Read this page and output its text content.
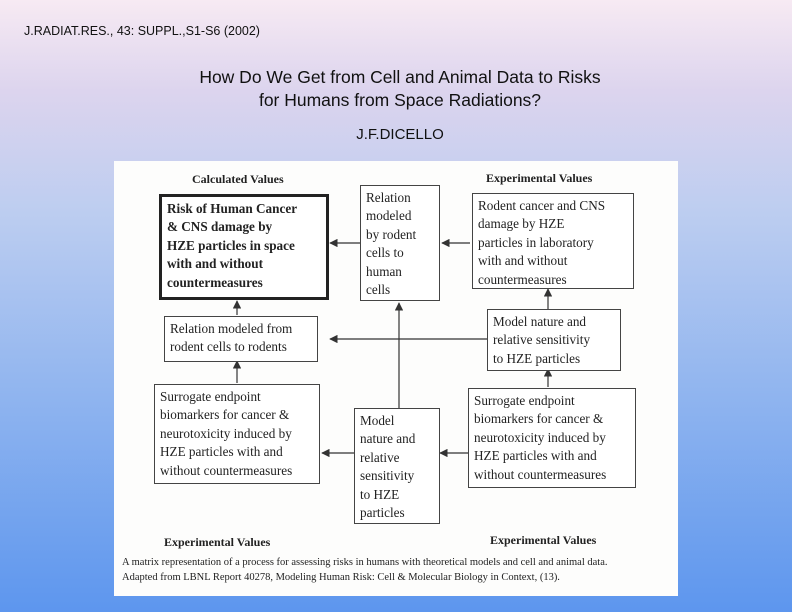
J.RADIAT.RES., 43: SUPPL.,S1-S6 (2002)
How Do We Get from Cell and Animal Data to Risks
for Humans from Space Radiations?
J.F.DICELLO
Calculated Values	Experimental Values
Experimental Values	Experimental Values
Risk of Human Cancer
& CNS damage by
HZE particles in space
with and without
countermeasures
Relation
modeled
by rodent
cells to
human
cells
Rodent cancer and CNS
damage by HZE
particles in laboratory
with and without
countermeasures
Relation modeled from
rodent cells to rodents
Model nature and
relative sensitivity
to HZE particles
Surrogate endpoint
biomarkers for cancer &
neurotoxicity induced by
HZE particles with and
without countermeasures
Model
nature and
relative
sensitivity
to HZE
particles
Surrogate endpoint
biomarkers for cancer &
neurotoxicity induced by
HZE particles with and
without countermeasures
A matrix representation of a process for assessing risks in humans with theoretical models and cell and animal data.
Adapted from LBNL Report 40278, Modeling Human Risk: Cell & Molecular Biology in Context, (13).
